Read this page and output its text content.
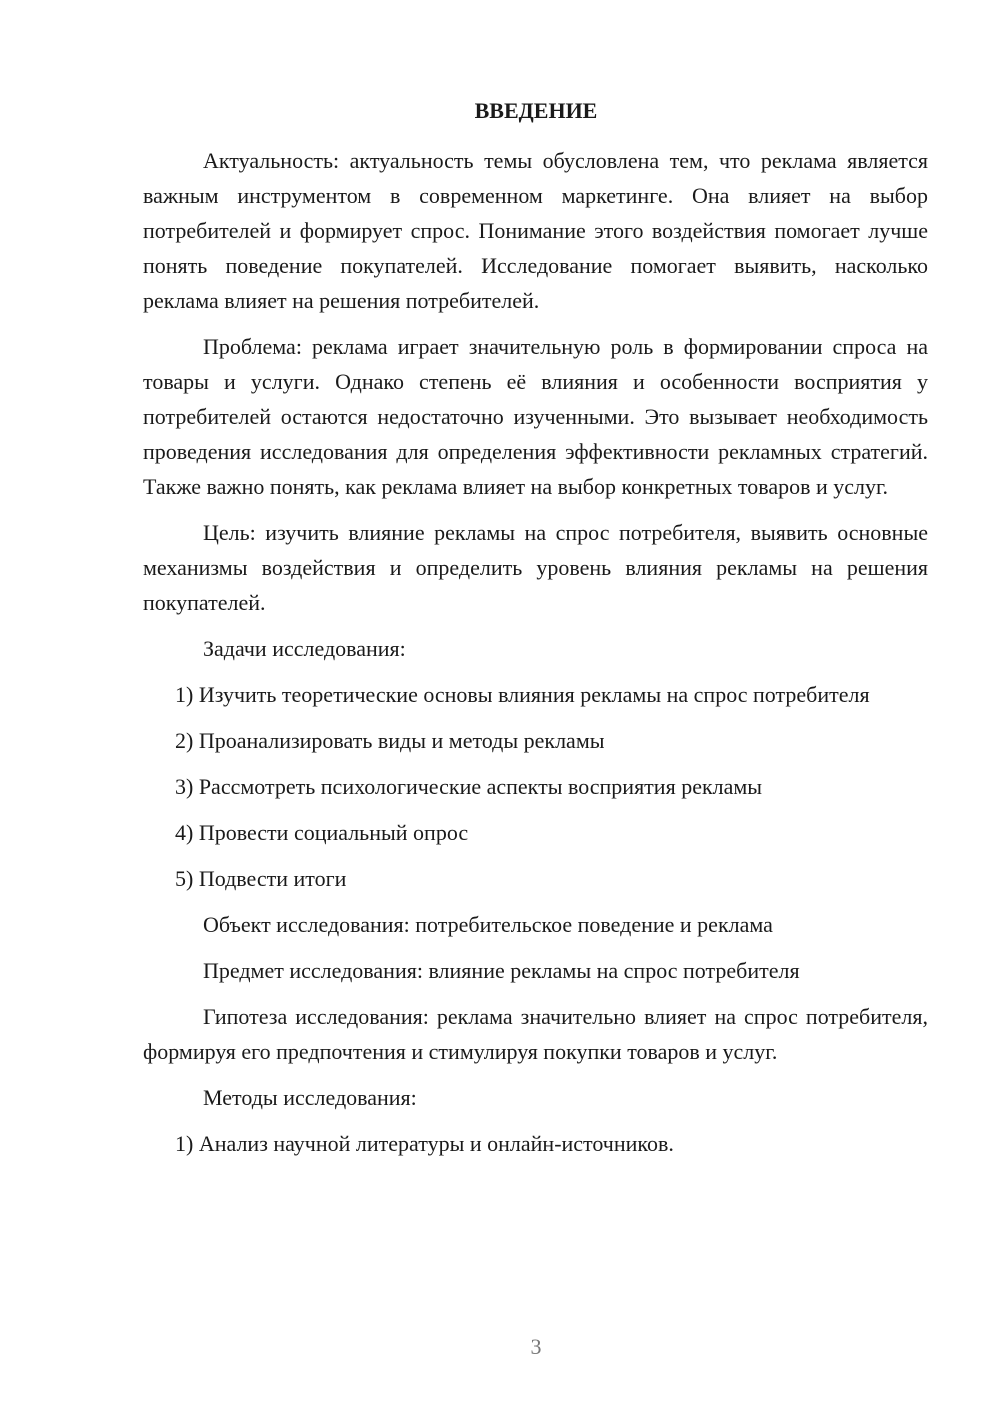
ВВЕДЕНИЕ

Актуальность: актуальность темы обусловлена тем, что реклама является важным инструментом в современном маркетинге. Она влияет на выбор потребителей и формирует спрос. Понимание этого воздействия помогает лучше понять поведение покупателей. Исследование помогает выявить, насколько реклама влияет на решения потребителей.

Проблема: реклама играет значительную роль в формировании спроса на товары и услуги. Однако степень её влияния и особенности восприятия у потребителей остаются недостаточно изученными. Это вызывает необходимость проведения исследования для определения эффективности рекламных стратегий. Также важно понять, как реклама влияет на выбор конкретных товаров и услуг.

Цель: изучить влияние рекламы на спрос потребителя, выявить основные механизмы воздействия и определить уровень влияния рекламы на решения покупателей.

Задачи исследования:

1) Изучить теоретические основы влияния рекламы на спрос потребителя

2) Проанализировать виды и методы рекламы

3) Рассмотреть психологические аспекты восприятия рекламы

4) Провести социальный опрос

5) Подвести итоги

Объект исследования: потребительское поведение и реклама

Предмет исследования: влияние рекламы на спрос потребителя

Гипотеза исследования: реклама значительно влияет на спрос потребителя, формируя его предпочтения и стимулируя покупки товаров и услуг.

Методы исследования:

1) Анализ научной литературы и онлайн-источников.

3
